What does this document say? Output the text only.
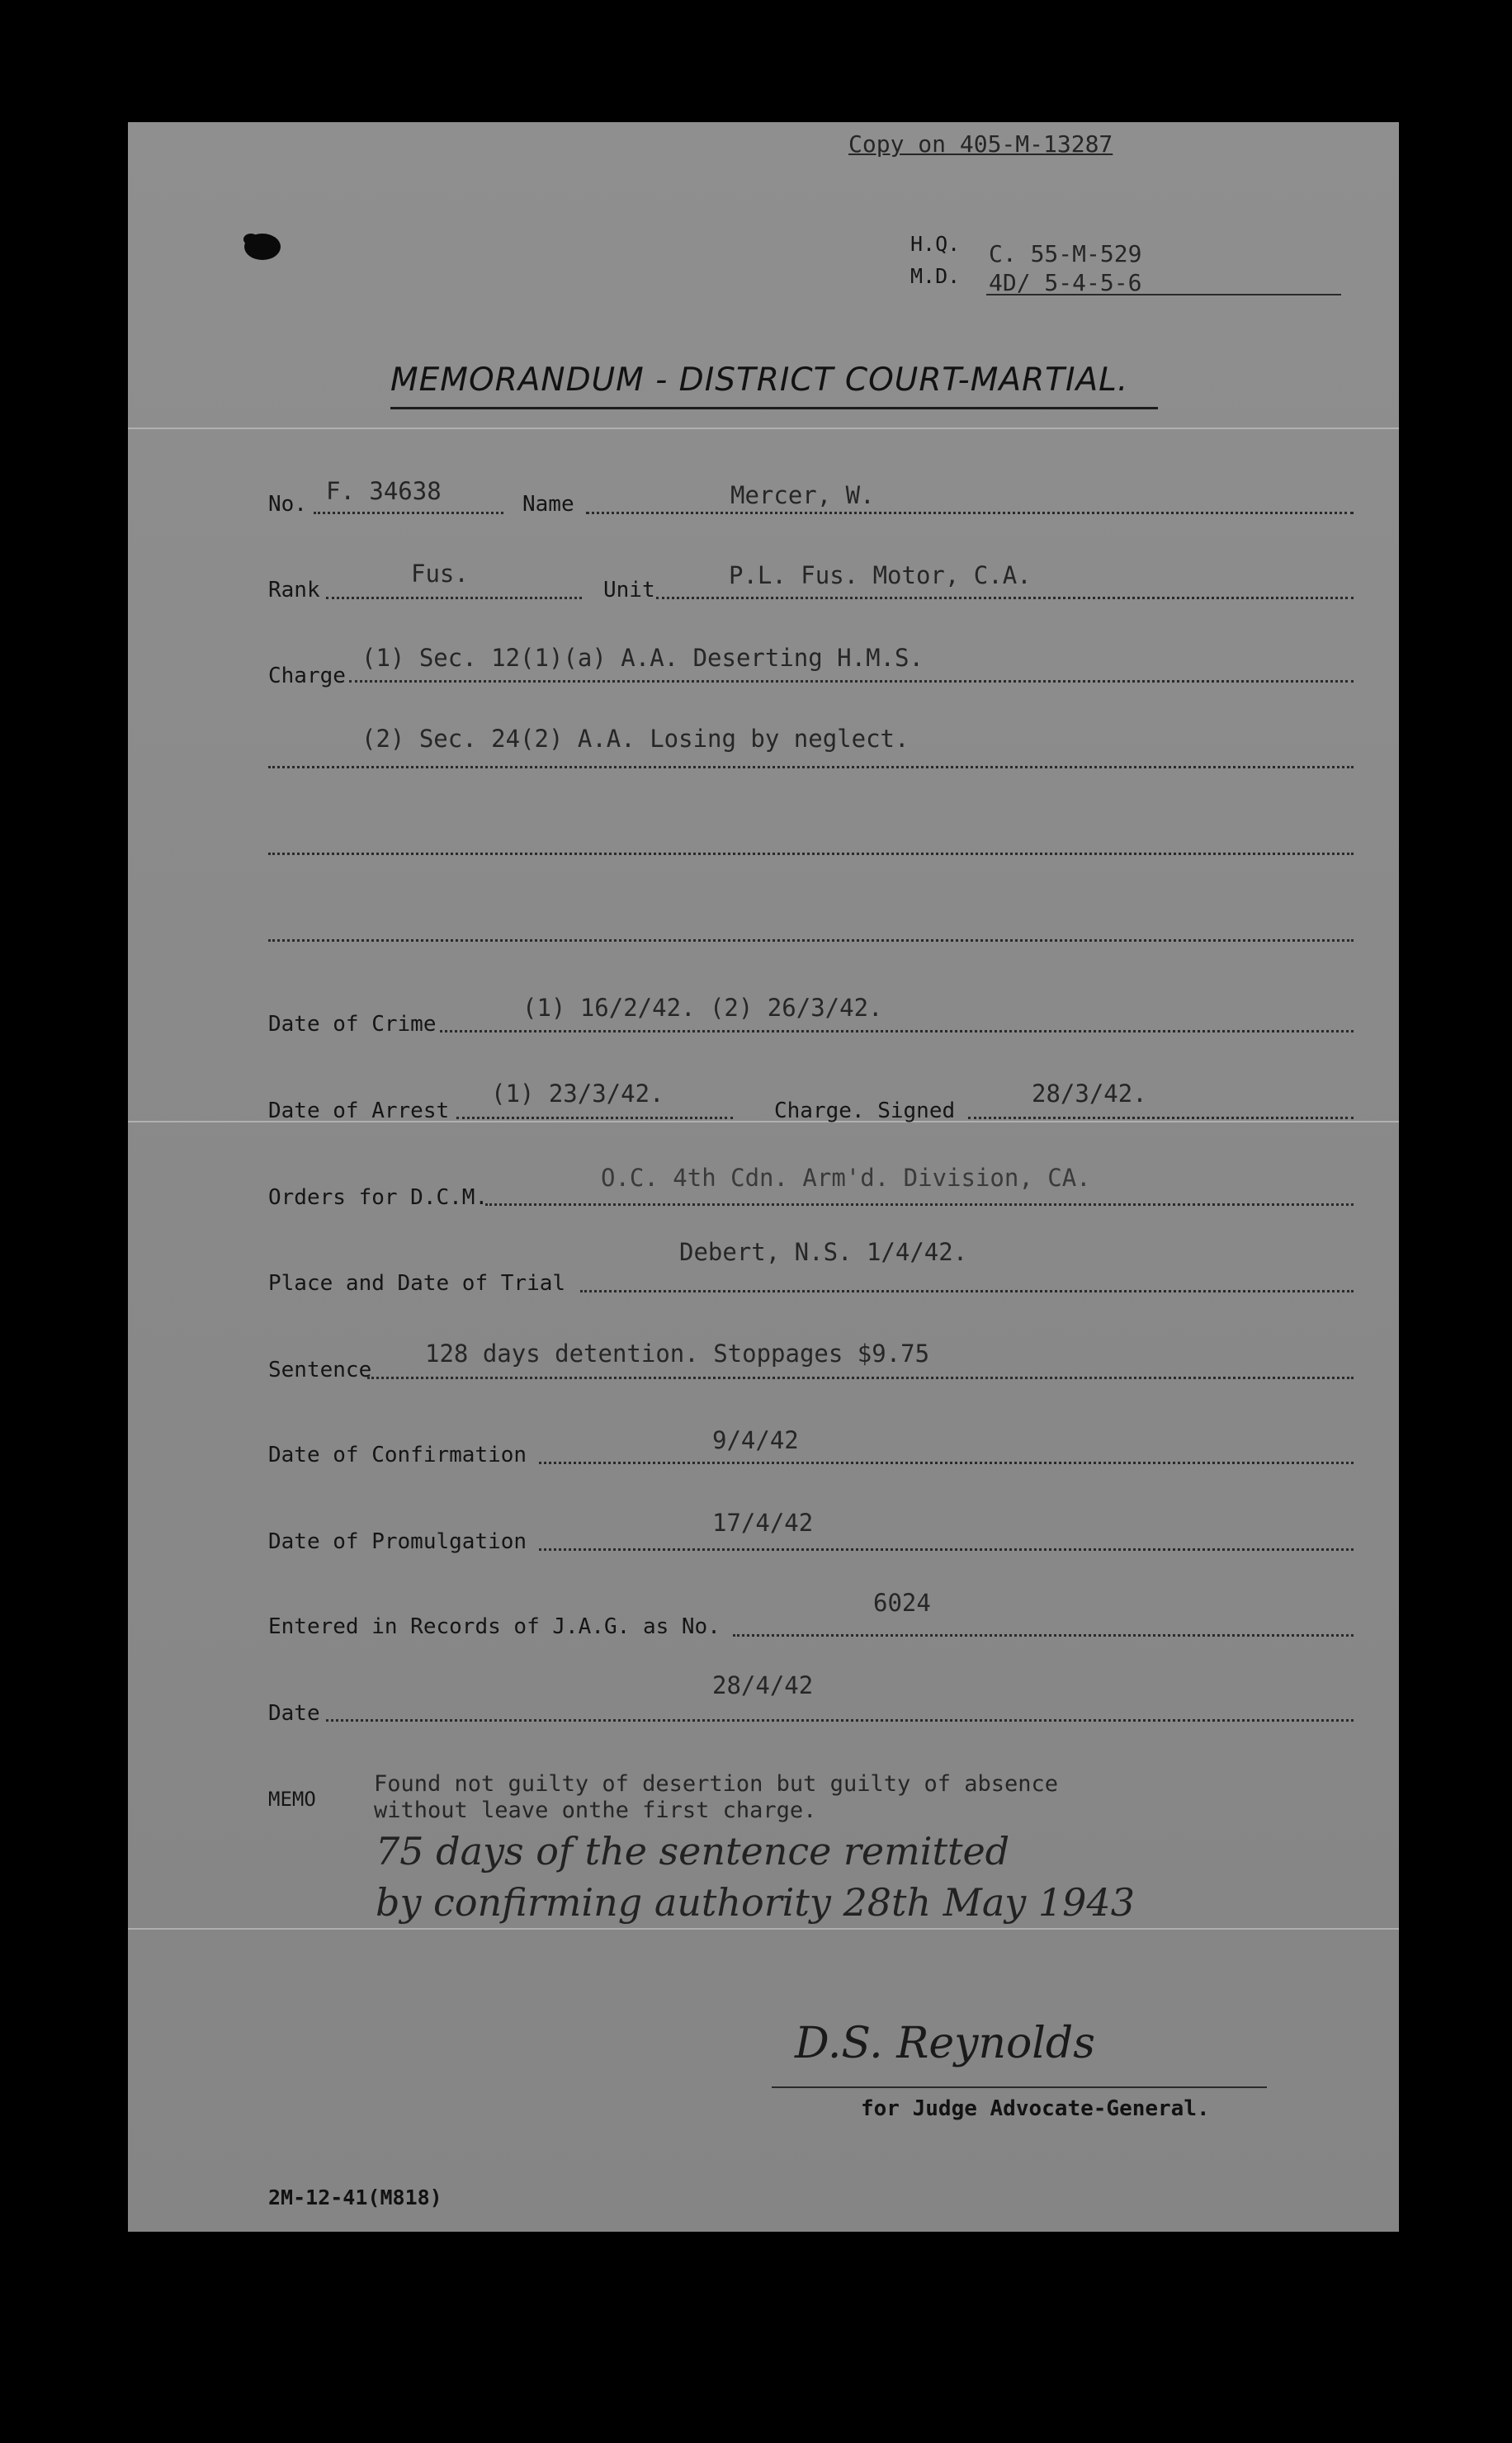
Copy on 405-M-13287
H.Q. C. 55-M-529
M.D. 4D/ 5-4-5-6
MEMORANDUM - DISTRICT COURT-MARTIAL.
No. F. 34638	Name	Mercer, W.
Rank
Fus.
Unit
P.L. Fus. Motor, C.A.
Charge
(1) Sec. 12(1)(a) A.A. Deserting H.M.S.
(2) Sec. 24(2) A.A. Losing by neglect.
Date of Crime
(1) 16/2/42. (2) 26/3/42.
Date of Arrest
(1) 23/3/42.
Charge. Signed
28/3/42.
Orders for D.C.M.
O.C. 4th Cdn. Arm'd. Division, CA.
Place and Date of Trial
Debert, N.S. 1/4/42.
Sentence
128 days detention. Stoppages $9.75
Date of Confirmation
9/4/42
Date of Promulgation
17/4/42
Entered in Records of J.A.G. as No.
6024
Date
28/4/42
MEMO
Found not guilty of desertion but guilty of absence
without leave onthe first charge.
75 days of the sentence remitted
by confirming authority 28th May 1943
D.S. Reynolds
for Judge Advocate-General.
2M-12-41(M818)
